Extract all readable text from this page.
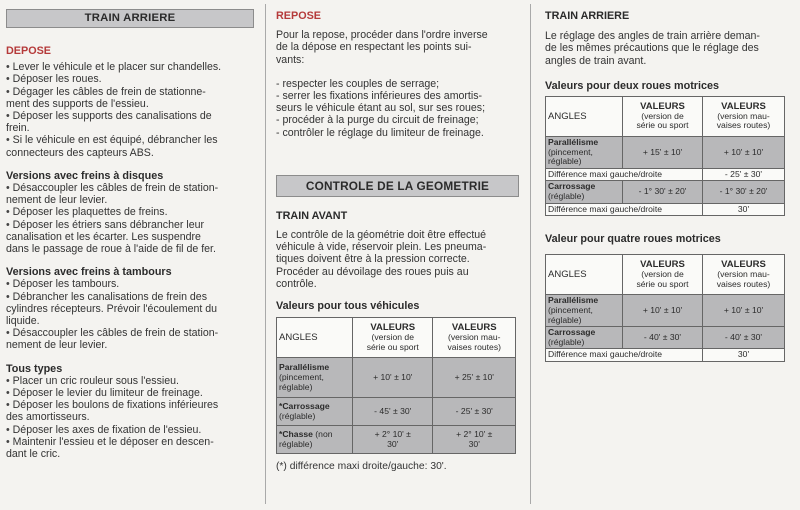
TRAIN ARRIERE
DEPOSE
• Lever le véhicule et le placer sur chandelles.
• Déposer les roues.
• Dégager les câbles de frein de stationne-
ment des supports de l'essieu.
• Déposer les supports des canalisations de
frein.
• Si le véhicule en est équipé, débrancher les
connecteurs des capteurs ABS.
Versions avec freins à disques
• Désaccoupler les câbles de frein de station-
nement de leur levier.
• Déposer les plaquettes de freins.
• Déposer les étriers sans débrancher leur
canalisation et les écarter. Les suspendre
dans le passage de roue à l'aide de fil de fer.
Versions avec freins à tambours
• Déposer les tambours.
• Débrancher les canalisations de frein des
cylindres récepteurs. Prévoir l'écoulement du
liquide.
• Désaccoupler les câbles de frein de station-
nement de leur levier.
Tous types
• Placer un cric rouleur sous l'essieu.
• Déposer le levier du limiteur de freinage.
• Déposer les boulons de fixations inférieures
des amortisseurs.
• Déposer les axes de fixation de l'essieu.
• Maintenir l'essieu et le déposer en descen-
dant le cric.
REPOSE
Pour la repose, procéder dans l'ordre inverse
de la dépose en respectant les points sui-
vants:
- respecter les couples de serrage;
- serrer les fixations inférieures des amortis-
seurs le véhicule étant au sol, sur ses roues;
- procéder à la purge du circuit de freinage;
- contrôler le réglage du limiteur de freinage.
CONTROLE DE LA GEOMETRIE
TRAIN AVANT
Le contrôle de la géométrie doit être effectué
véhicule à vide, réservoir plein. Les pneuma-
tiques doivent être à la pression correcte.
Procéder au dévoilage des roues puis au
contrôle.
Valeurs pour tous véhicules
ANGLES	VALEURS
(version de
série ou sport	VALEURS
(version mau-
vaises routes)
Parallélisme
(pincement,
réglable)	+ 10' ± 10'	+ 25' ± 10'
*Carrossage
(réglable)	- 45' ± 30'	- 25' ± 30'
*Chasse (non
réglable)	+ 2° 10' ±
30'	+ 2° 10' ±
30'
(*) différence maxi droite/gauche: 30'.
TRAIN ARRIERE
Le réglage des angles de train arrière deman-
de les mêmes précautions que le réglage des
angles de train avant.
Valeurs pour deux roues motrices
ANGLES	VALEURS
(version de
série ou sport	VALEURS
(version mau-
vaises routes)
Parallélisme
(pincement,
réglable)	+ 15' ± 10'	+ 10' ± 10'
Différence maxi gauche/droite		- 25' ± 30'
Carrossage
(réglable)	- 1° 30' ± 20'	- 1° 30' ± 20'
Différence maxi gauche/droite		30'
Valeur pour quatre roues motrices
ANGLES	VALEURS
(version de
série ou sport	VALEURS
(version mau-
vaises routes)
Parallélisme
(pincement,
réglable)	+ 10' ± 10'	+ 10' ± 10'
Carrossage
(réglable)	- 40' ± 30'	- 40' ± 30'
Différence maxi gauche/droite		30'
